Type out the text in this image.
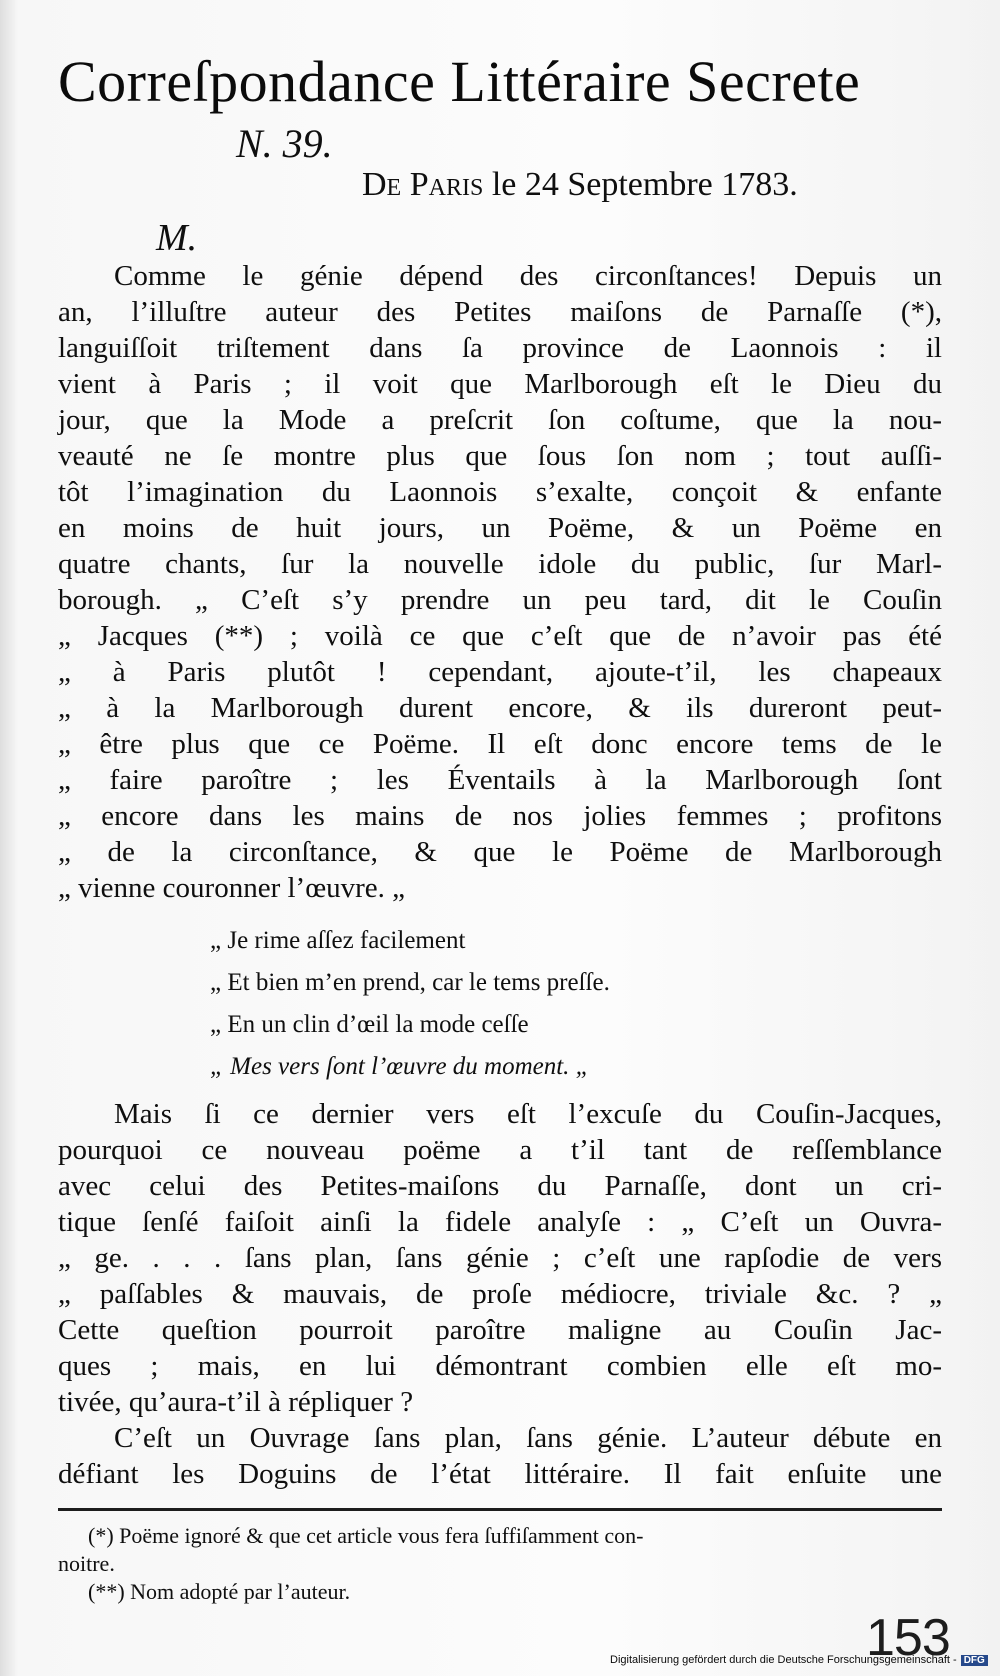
Correſpondance Littéraire Secrete
N. 39.
De Paris le 24 Septembre 1783.
M.
Comme le génie dépend des circonſtances! Depuis un
an, l’illuſtre auteur des Petites maiſons de Parnaſſe (*),
languiſſoit triſtement dans ſa province de Laonnois : il
vient à Paris ; il voit que Marlborough eſt le Dieu du
jour, que la Mode a preſcrit ſon coſtume, que la nou-
veauté ne ſe montre plus que ſous ſon nom ; tout auſſi-
tôt l’imagination du Laonnois s’exalte, conçoit & enfante
en moins de huit jours, un Poëme, & un Poëme en
quatre chants, ſur la nouvelle idole du public, ſur Marl-
borough. „ C’eſt s’y prendre un peu tard, dit le Couſin
„ Jacques (**) ; voilà ce que c’eſt que de n’avoir pas été
„ à Paris plutôt ! cependant, ajoute-t’il, les chapeaux
„ à la Marlborough durent encore, & ils dureront peut-
„ être plus que ce Poëme. Il eſt donc encore tems de le
„ faire paroître ; les Éventails à la Marlborough ſont
„ encore dans les mains de nos jolies femmes ; profitons
„ de la circonſtance, & que le Poëme de Marlborough
„ vienne couronner l’œuvre. „
„ Je rime aſſez facilement
„ Et bien m’en prend, car le tems preſſe.
„ En un clin d’œil la mode ceſſe
„ Mes vers ſont l’œuvre du moment. „
Mais ſi ce dernier vers eſt l’excuſe du Couſin-Jacques,
pourquoi ce nouveau poëme a t’il tant de reſſemblance
avec celui des Petites-maiſons du Parnaſſe, dont un cri-
tique ſenſé faiſoit ainſi la fidele analyſe : „ C’eſt un Ouvra-
„ ge. . . . ſans plan, ſans génie ; c’eſt une rapſodie de vers
„ paſſables & mauvais, de proſe médiocre, triviale &c. ? „
Cette queſtion pourroit paroître maligne au Couſin Jac-
ques ; mais, en lui démontrant combien elle eſt mo-
tivée, qu’aura-t’il à répliquer ?
C’eſt un Ouvrage ſans plan, ſans génie. L’auteur débute en
défiant les Doguins de l’état littéraire. Il fait enſuite une
(*) Poëme ignoré & que cet article vous fera ſuffiſamment con-
noitre.
(**) Nom adopté par l’auteur.
153
Digitalisierung gefördert durch die Deutsche Forschungsgemeinschaft - DFG
